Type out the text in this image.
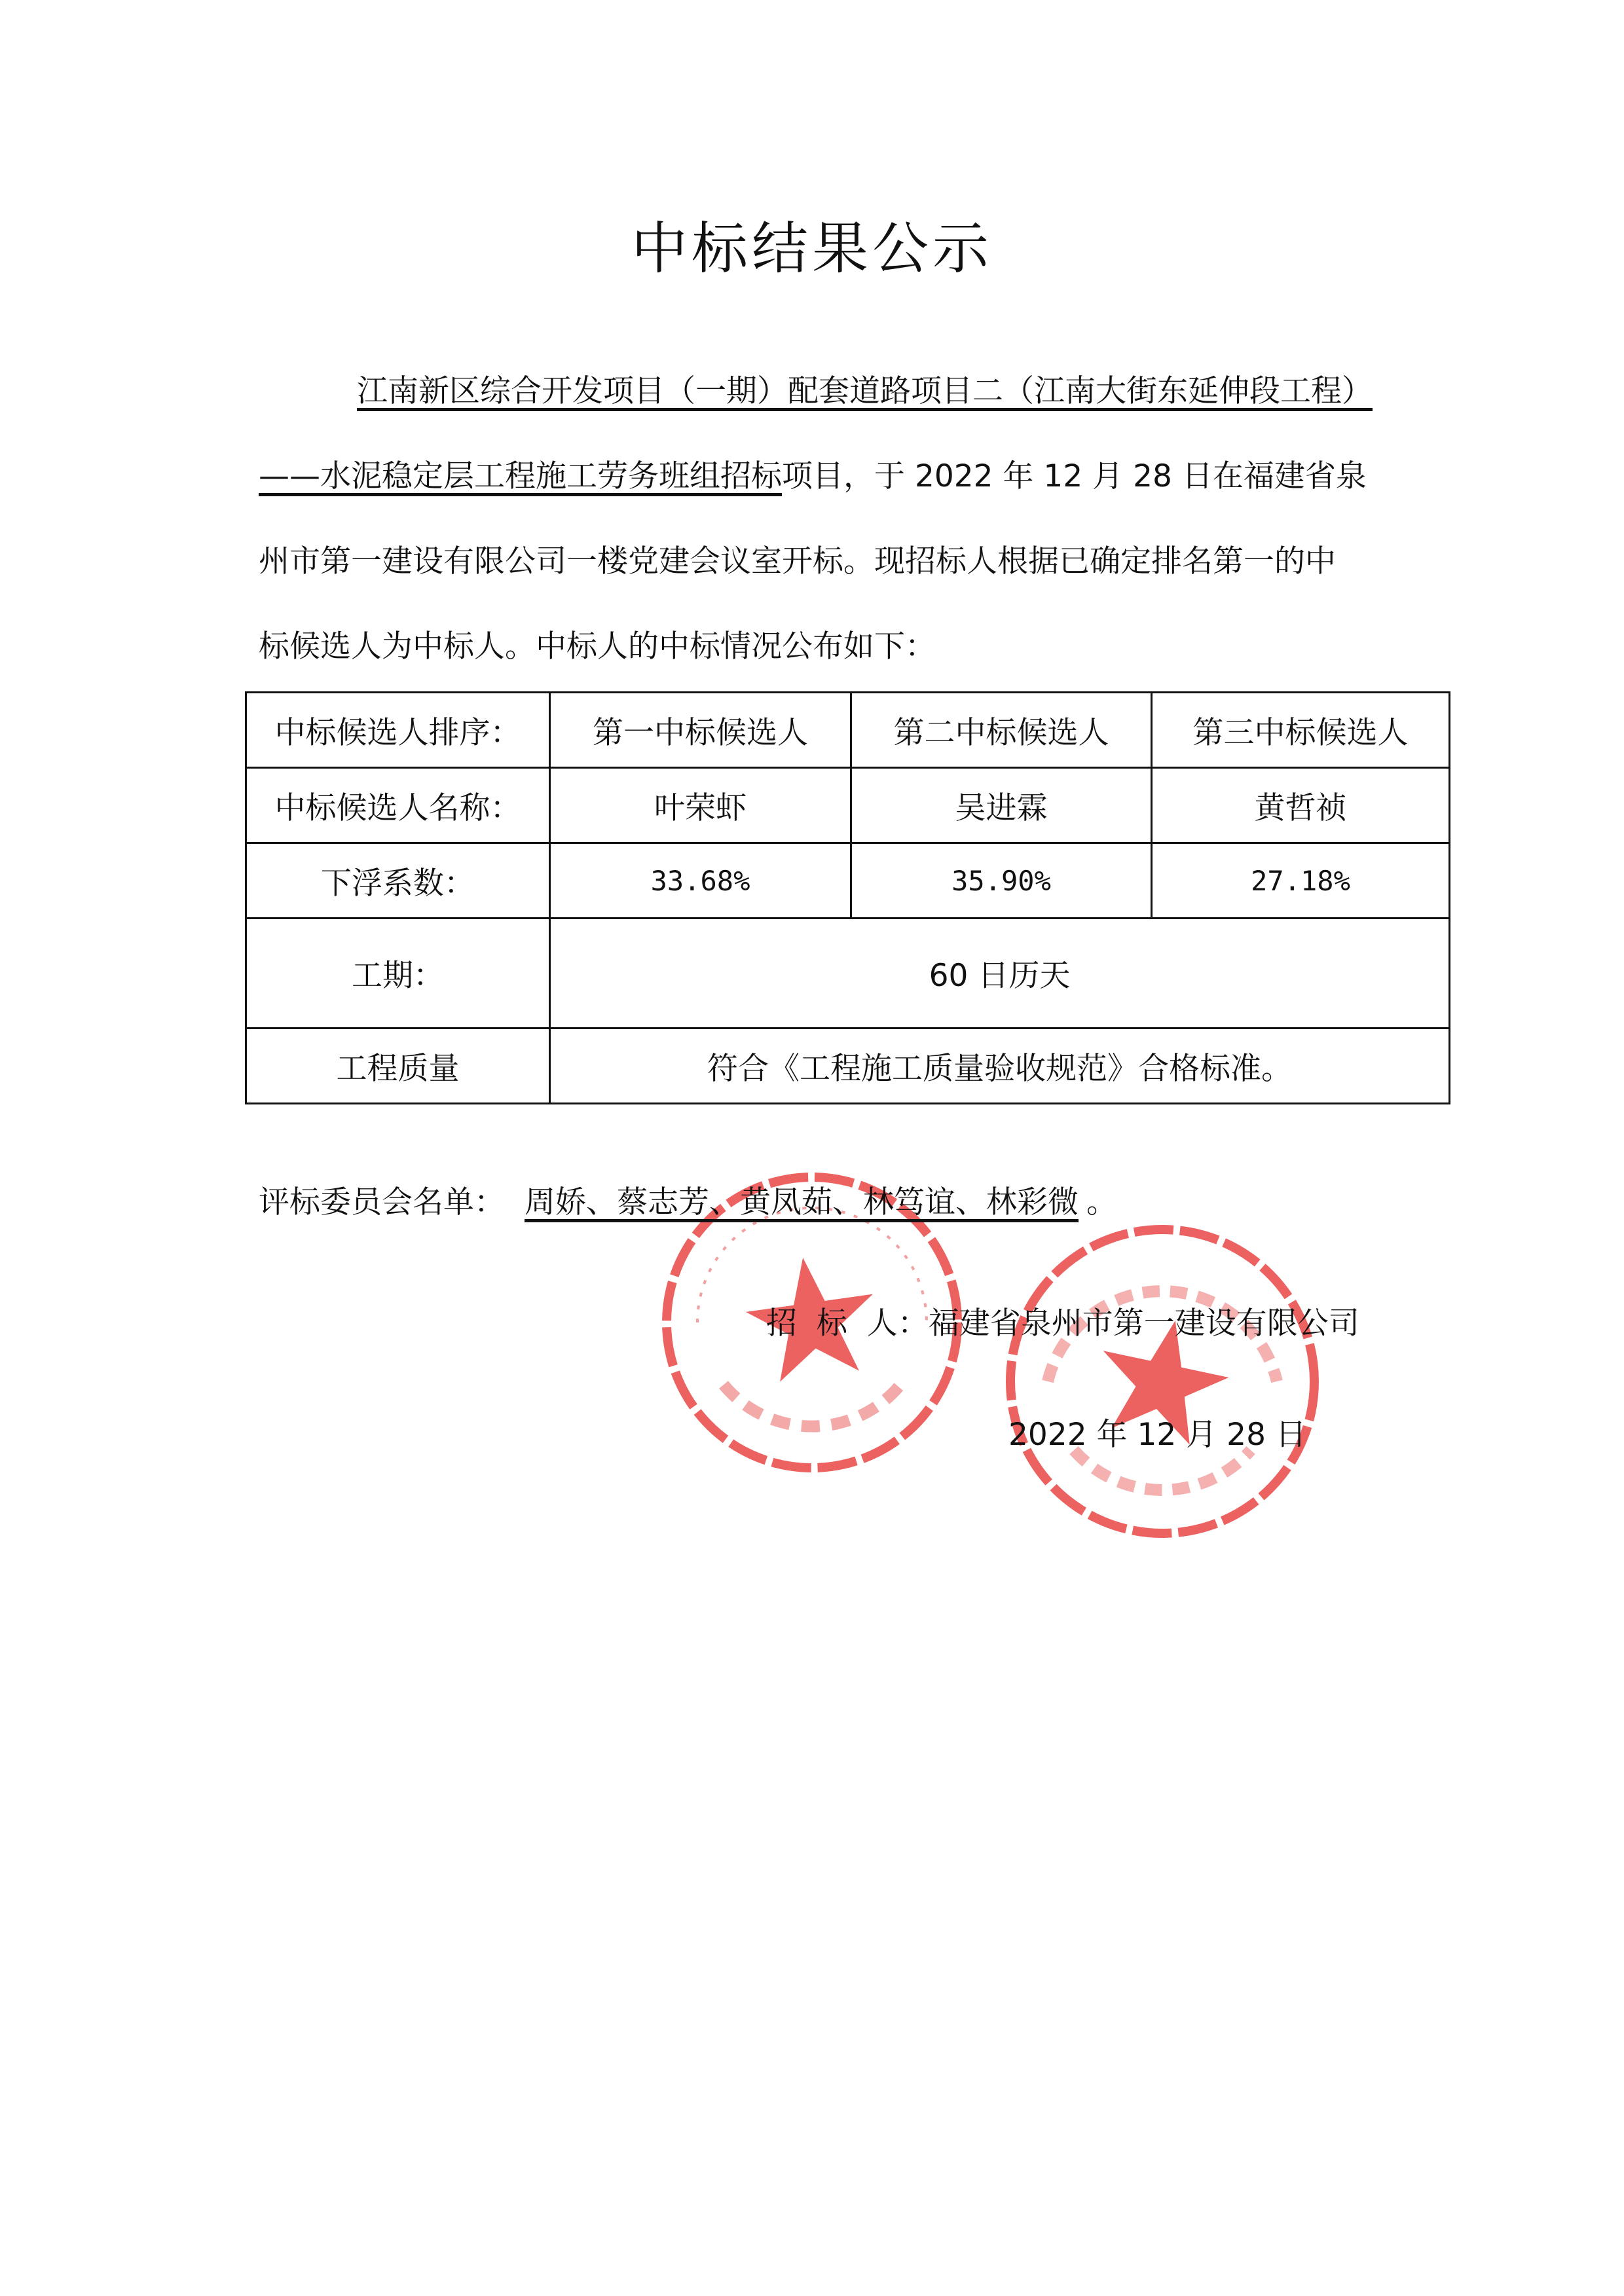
中标结果公示
江南新区综合开发项目（一期）配套道路项目二（江南大街东延伸段工程）
——水泥稳定层工程施工劳务班组招标项目，于 2022 年 12 月 28 日在福建省泉
州市第一建设有限公司一楼党建会议室开标。现招标人根据已确定排名第一的中
标候选人为中标人。中标人的中标情况公布如下：
中标候选人排序：	第一中标候选人	第二中标候选人	第三中标候选人
中标候选人名称：	叶荣虾	吴进霖	黄哲祯
下浮系数：	33.68%	35.90%	27.18%
工期：	60 日历天		
工程质量	符合《工程施工质量验收规范》合格标准。		
评标委员会名单： 周娇、蔡志芳、黄凤茹、林笃谊、林彩微 。
招  标  人：福建省泉州市第一建设有限公司
2022 年 12 月 28 日
